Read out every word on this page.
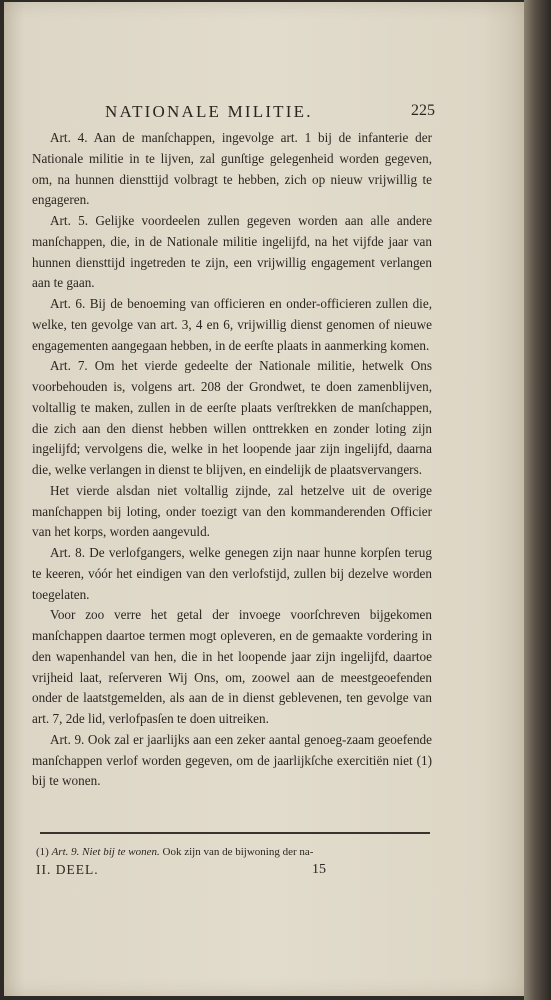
NATIONALE MILITIE.	225

Art. 4. Aan de manſchappen, ingevolge art. 1 bij de infanterie der Nationale militie in te lijven, zal gunſtige gelegenheid worden gegeven, om, na hunnen diensttijd volbragt te hebben, zich op nieuw vrijwillig te engageren.

Art. 5. Gelijke voordeelen zullen gegeven worden aan alle andere manſchappen, die, in de Nationale militie ingelijfd, na het vijfde jaar van hunnen diensttijd ingetreden te zijn, een vrijwillig engagement verlangen aan te gaan.

Art. 6. Bij de benoeming van officieren en onder-officieren zullen die, welke, ten gevolge van art. 3, 4 en 6, vrijwillig dienst genomen of nieuwe engagementen aangegaan hebben, in de eerſte plaats in aanmerking komen.

Art. 7. Om het vierde gedeelte der Nationale militie, hetwelk Ons voorbehouden is, volgens art. 208 der Grondwet, te doen zamenblijven, voltallig te maken, zullen in de eerſte plaats verſtrekken de manſchappen, die zich aan den dienst hebben willen onttrekken en zonder loting zijn ingelijfd; vervolgens die, welke in het loopende jaar zijn ingelijfd, daarna die, welke verlangen in dienst te blijven, en eindelijk de plaatsvervangers.

Het vierde alsdan niet voltallig zijnde, zal hetzelve uit de overige manſchappen bij loting, onder toezigt van den kommanderenden Officier van het korps, worden aangevuld.

Art. 8. De verlofgangers, welke genegen zijn naar hunne korpſen terug te keeren, vóór het eindigen van den verlofstijd, zullen bij dezelve worden toegelaten.

Voor zoo verre het getal der invoege voorſchreven bijgekomen manſchappen daartoe termen mogt opleveren, en de gemaakte vordering in den wapenhandel van hen, die in het loopende jaar zijn ingelijfd, daartoe vrijheid laat, reſerveren Wij Ons, om, zoowel aan de meestgeoefenden onder de laatstgemelden, als aan de in dienst geblevenen, ten gevolge van art. 7, 2de lid, verlofpasſen te doen uitreiken.

Art. 9. Ook zal er jaarlijks aan een zeker aantal genoeg-zaam geoefende manſchappen verlof worden gegeven, om de jaarlijkſche exercitiën niet (1) bij te wonen.

(1) Art. 9. Niet bij te wonen. Ook zijn van de bijwoning der na-
II. DEEL.	15
